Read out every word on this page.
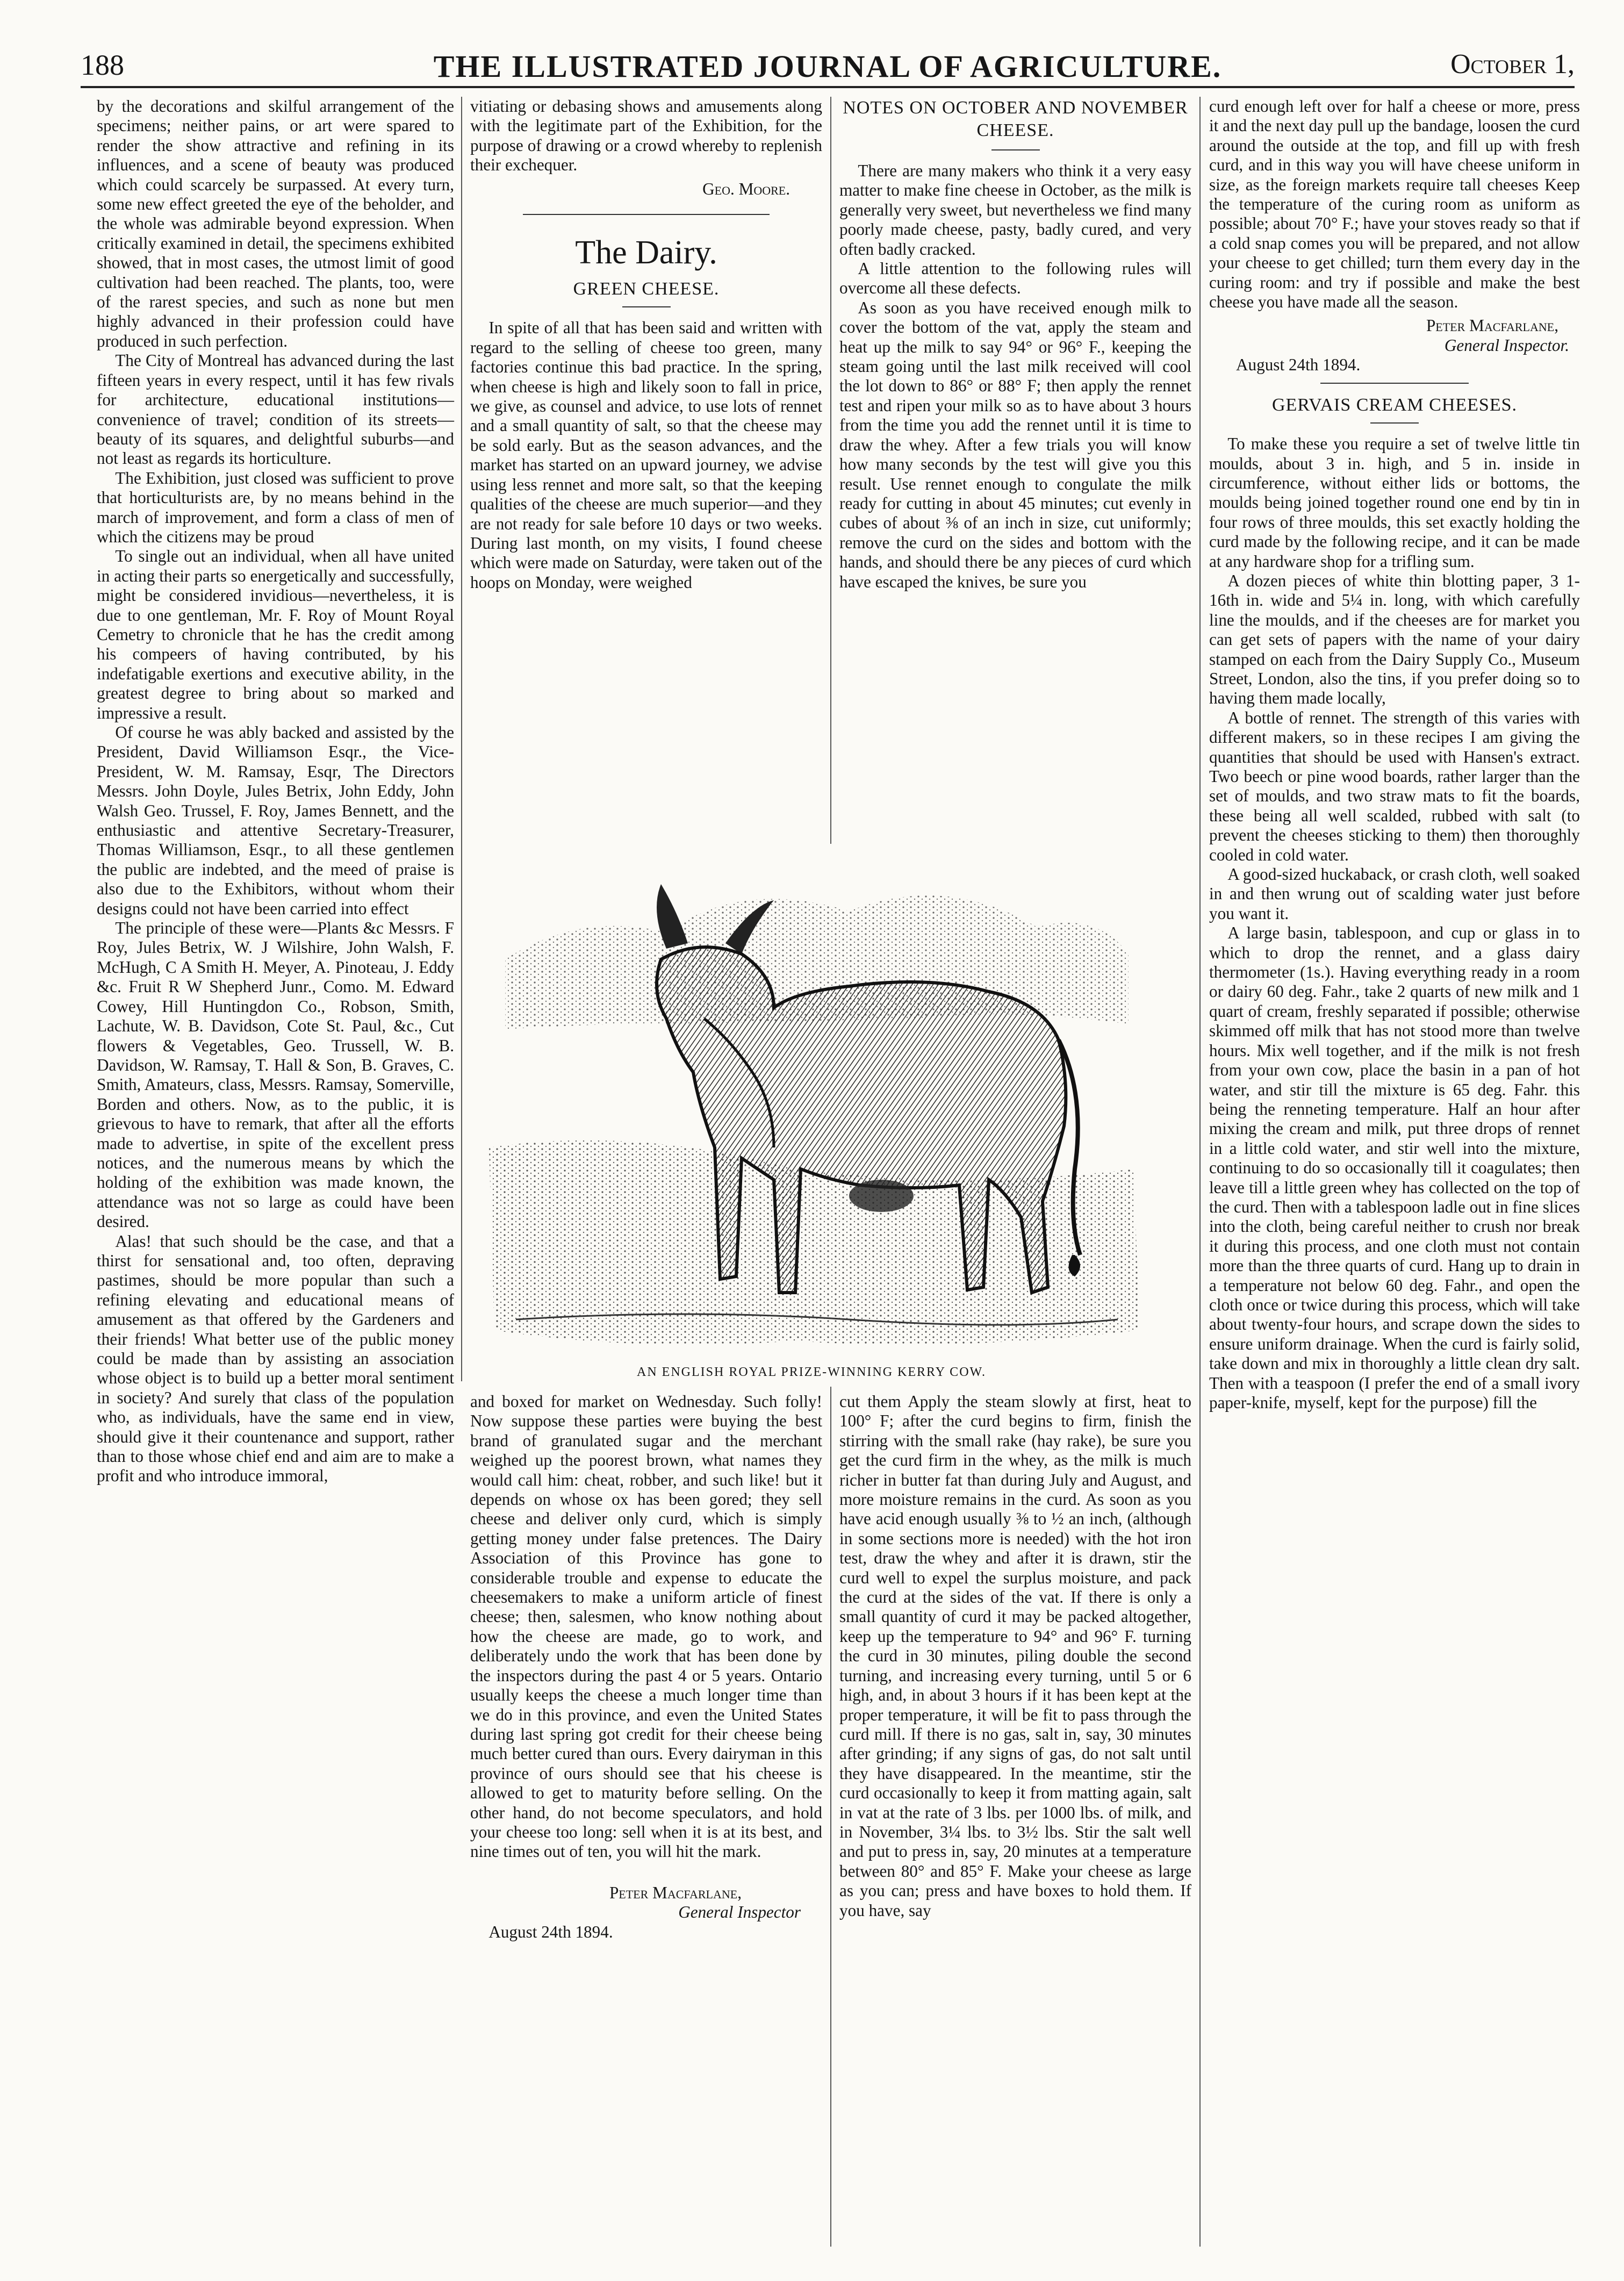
188	THE ILLUSTRATED JOURNAL OF AGRICULTURE.	October 1,

by the decorations and skilful arrangement of the specimens; neither pains, or art were spared to render the show attractive and refining in its influences, and a scene of beauty was produced which could scarcely be surpassed. At every turn, some new effect greeted the eye of the beholder, and the whole was admirable beyond expression. When critically examined in detail, the specimens exhibited showed, that in most cases, the utmost limit of good cultivation had been reached. The plants, too, were of the rarest species, and such as none but men highly advanced in their profession could have produced in such perfection.

The City of Montreal has advanced during the last fifteen years in every respect, until it has few rivals for architecture, educational institutions—convenience of travel; condition of its streets—beauty of its squares, and delightful suburbs—and not least as regards its horticulture.

The Exhibition, just closed was sufficient to prove that horticulturists are, by no means behind in the march of improvement, and form a class of men of which the citizens may be proud

To single out an individual, when all have united in acting their parts so energetically and successfully, might be considered invidious—nevertheless, it is due to one gentleman, Mr. F. Roy of Mount Royal Cemetry to chronicle that he has the credit among his compeers of having contributed, by his indefatigable exertions and executive ability, in the greatest degree to bring about so marked and impressive a result.

Of course he was ably backed and assisted by the President, David Williamson Esqr., the Vice-President, W. M. Ramsay, Esqr, The Directors Messrs. John Doyle, Jules Betrix, John Eddy, John Walsh Geo. Trussel, F. Roy, James Bennett, and the enthusiastic and attentive Secretary-Treasurer, Thomas Williamson, Esqr., to all these gentlemen the public are indebted, and the meed of praise is also due to the Exhibitors, without whom their designs could not have been carried into effect

The principle of these were—Plants &c Messrs. F Roy, Jules Betrix, W. J Wilshire, John Walsh, F. McHugh, C A Smith H. Meyer, A. Pinoteau, J. Eddy &c. Fruit R W Shepherd Junr., Como. M. Edward Cowey, Hill Huntingdon Co., Robson, Smith, Lachute, W. B. Davidson, Cote St. Paul, &c., Cut flowers & Vegetables, Geo. Trussell, W. B. Davidson, W. Ramsay, T. Hall & Son, B. Graves, C. Smith, Amateurs, class, Messrs. Ramsay, Somerville, Borden and others. Now, as to the public, it is grievous to have to remark, that after all the efforts made to advertise, in spite of the excellent press notices, and the numerous means by which the holding of the exhibition was made known, the attendance was not so large as could have been desired.

Alas! that such should be the case, and that a thirst for sensational and, too often, depraving pastimes, should be more popular than such a refining elevating and educational means of amusement as that offered by the Gardeners and their friends! What better use of the public money could be made than by assisting an association whose object is to build up a better moral sentiment in society? And surely that class of the population who, as individuals, have the same end in view, should give it their countenance and support, rather than to those whose chief end and aim are to make a profit and who introduce immoral,

vitiating or debasing shows and amusements along with the legitimate part of the Exhibition, for the purpose of drawing or a crowd whereby to replenish their exchequer.

Geo. Moore.
The Dairy.
GREEN CHEESE.

In spite of all that has been said and written with regard to the selling of cheese too green, many factories continue this bad practice. In the spring, when cheese is high and likely soon to fall in price, we give, as counsel and advice, to use lots of rennet and a small quantity of salt, so that the cheese may be sold early. But as the season advances, and the market has started on an upward journey, we advise using less rennet and more salt, so that the keeping qualities of the cheese are much superior—and they are not ready for sale before 10 days or two weeks. During last month, on my visits, I found cheese which were made on Saturday, were taken out of the hoops on Monday, were weighed

NOTES ON OCTOBER AND NOVEMBER CHEESE.

There are many makers who think it a very easy matter to make fine cheese in October, as the milk is generally very sweet, but nevertheless we find many poorly made cheese, pasty, badly cured, and very often badly cracked.

A little attention to the following rules will overcome all these defects.

As soon as you have received enough milk to cover the bottom of the vat, apply the steam and heat up the milk to say 94° or 96° F., keeping the steam going until the last milk received will cool the lot down to 86° or 88° F; then apply the rennet test and ripen your milk so as to have about 3 hours from the time you add the rennet until it is time to draw the whey. After a few trials you will know how many seconds by the test will give you this result. Use rennet enough to congulate the milk ready for cutting in about 45 minutes; cut evenly in cubes of about ⅜ of an inch in size, cut uniformly; remove the curd on the sides and bottom with the hands, and should there be any pieces of curd which have escaped the knives, be sure you

curd enough left over for half a cheese or more, press it and the next day pull up the bandage, loosen the curd around the outside at the top, and fill up with fresh curd, and in this way you will have cheese uniform in size, as the foreign markets require tall cheeses Keep the temperature of the curing room as uniform as possible; about 70° F.; have your stoves ready so that if a cold snap comes you will be prepared, and not allow your cheese to get chilled; turn them every day in the curing room: and try if possible and make the best cheese you have made all the season.

Peter Macfarlane,
General Inspector.

August 24th 1894.

GERVAIS CREAM CHEESES.

To make these you require a set of twelve little tin moulds, about 3 in. high, and 5 in. inside in circumference, without either lids or bottoms, the moulds being joined together round one end by tin in four rows of three moulds, this set exactly holding the curd made by the following recipe, and it can be made at any hardware shop for a trifling sum.

A dozen pieces of white thin blotting paper, 3 1-16th in. wide and 5¼ in. long, with which carefully line the moulds, and if the cheeses are for market you can get sets of papers with the name of your dairy stamped on each from the Dairy Supply Co., Museum Street, London, also the tins, if you prefer doing so to having them made locally,

A bottle of rennet. The strength of this varies with different makers, so in these recipes I am giving the quantities that should be used with Hansen's extract. Two beech or pine wood boards, rather larger than the set of moulds, and two straw mats to fit the boards, these being all well scalded, rubbed with salt (to prevent the cheeses sticking to them) then thoroughly cooled in cold water.

A good-sized huckaback, or crash cloth, well soaked in and then wrung out of scalding water just before you want it.

A large basin, tablespoon, and cup or glass in to which to drop the rennet, and a glass dairy thermometer (1s.). Having everything ready in a room or dairy 60 deg. Fahr., take 2 quarts of new milk and 1 quart of cream, freshly separated if possible; otherwise skimmed off milk that has not stood more than twelve hours. Mix well together, and if the milk is not fresh from your own cow, place the basin in a pan of hot water, and stir till the mixture is 65 deg. Fahr. this being the renneting temperature. Half an hour after mixing the cream and milk, put three drops of rennet in a little cold water, and stir well into the mixture, continuing to do so occasionally till it coagulates; then leave till a little green whey has collected on the top of the curd. Then with a tablespoon ladle out in fine slices into the cloth, being careful neither to crush nor break it during this process, and one cloth must not contain more than the three quarts of curd. Hang up to drain in a temperature not below 60 deg. Fahr., and open the cloth once or twice during this process, which will take about twenty-four hours, and scrape down the sides to ensure uniform drainage. When the curd is fairly solid, take down and mix in thoroughly a little clean dry salt. Then with a teaspoon (I prefer the end of a small ivory paper-knife, myself, kept for the purpose) fill the

AN ENGLISH ROYAL PRIZE-WINNING KERRY COW.

and boxed for market on Wednesday. Such folly! Now suppose these parties were buying the best brand of granulated sugar and the merchant weighed up the poorest brown, what names they would call him: cheat, robber, and such like! but it depends on whose ox has been gored; they sell cheese and deliver only curd, which is simply getting money under false pretences. The Dairy Association of this Province has gone to considerable trouble and expense to educate the cheesemakers to make a uniform article of finest cheese; then, salesmen, who know nothing about how the cheese are made, go to work, and deliberately undo the work that has been done by the inspectors during the past 4 or 5 years. Ontario usually keeps the cheese a much longer time than we do in this province, and even the United States during last spring got credit for their cheese being much better cured than ours. Every dairyman in this province of ours should see that his cheese is allowed to get to maturity before selling. On the other hand, do not become speculators, and hold your cheese too long: sell when it is at its best, and nine times out of ten, you will hit the mark.

Peter Macfarlane,
General Inspector

August 24th 1894.

cut them Apply the steam slowly at first, heat to 100° F; after the curd begins to firm, finish the stirring with the small rake (hay rake), be sure you get the curd firm in the whey, as the milk is much richer in butter fat than during July and August, and more moisture remains in the curd. As soon as you have acid enough usually ⅜ to ½ an inch, (although in some sections more is needed) with the hot iron test, draw the whey and after it is drawn, stir the curd well to expel the surplus moisture, and pack the curd at the sides of the vat. If there is only a small quantity of curd it may be packed altogether, keep up the temperature to 94° and 96° F. turning the curd in 30 minutes, piling double the second turning, and increasing every turning, until 5 or 6 high, and, in about 3 hours if it has been kept at the proper temperature, it will be fit to pass through the curd mill. If there is no gas, salt in, say, 30 minutes after grinding; if any signs of gas, do not salt until they have disappeared. In the meantime, stir the curd occasionally to keep it from matting again, salt in vat at the rate of 3 lbs. per 1000 lbs. of milk, and in November, 3¼ lbs. to 3½ lbs. Stir the salt well and put to press in, say, 20 minutes at a temperature between 80° and 85° F. Make your cheese as large as you can; press and have boxes to hold them. If you have, say
